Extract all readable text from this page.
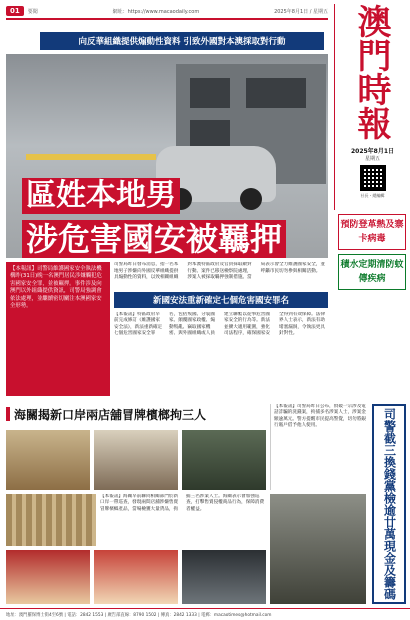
01	要聞	網址：https://www.macaodaily.com	2025年8月1日 / 星期五 澳門時報
2025年8月1日
星期五
社長・總編輯
預防登革熱及寨卡病毒
積水定期清防蚊傳疾病
向反華組織提供煽動性資料 引致外國對本澳採取對行動
區姓本地男
涉危害國安被羈押
【本報訊】司警局維護國家安全執法機構昨(31日)晚一名澳門居民涉嫌觸犯危害國家安全罪，並被羈押。事件涉及向澳門以外組織提供資訊，司警局強調會依法處理，並繼續密切關注本澳國家安全形勢。
司警局昨日發布消息，指一名本地男子涉嫌向外國反華組織提供具煽動性的資料，以致相關組織對本澳特區政府及官員採取敵對行動。案件已移送檢察院處理，涉案人被採取羈押強制措施。當局表示會全力維護國家安全，並呼籲市民切勿參與相關活動。
新國安法重新確定七個危害國安罪名
【本報訊】特區政府早前完成修訂《維護國家安全法》，新法重新確定七個危害國家安全罪名，包括叛國、分裂國家、顛覆國家政權、煽動叛亂、竊取國家機密、與外國組織或人員建立聯繫以從事危害國家安全的行為等。新法並擴大適用範圍，強化司法程序，確保國家安全得到有效保障。法律界人士表示，新法有助堵塞漏洞，令執法更具針對性。
海關揭新口岸兩店舖冒牌檳榔拘三人
【本報訊】海關早前聯同相關部門於新口岸一帶巡查，發現兩間店舖涉嫌售賣冒牌檳榔產品，當場檢獲大量貨品，拘捕三名涉案人士。海關表示會加強巡查，打擊售賣侵權商品行為，保障消費者權益。
【本報訊】司警局昨日公布，偵破一宗涉及電話詐騙的洗錢案，拘捕多名涉案人士，涉案金額逾萬元。警方提醒市民提高警覺，切勿將銀行賬戶借予他人使用。	司警截三換錢黨檢逾廿萬現金及籌碼
地址：澳門羅保博士街4至6號 | 電話：2842 1553 | 廣告部直線：8790 1502 | 傳真：2842 1333 | 電郵：macaotimes@hotmail.com
